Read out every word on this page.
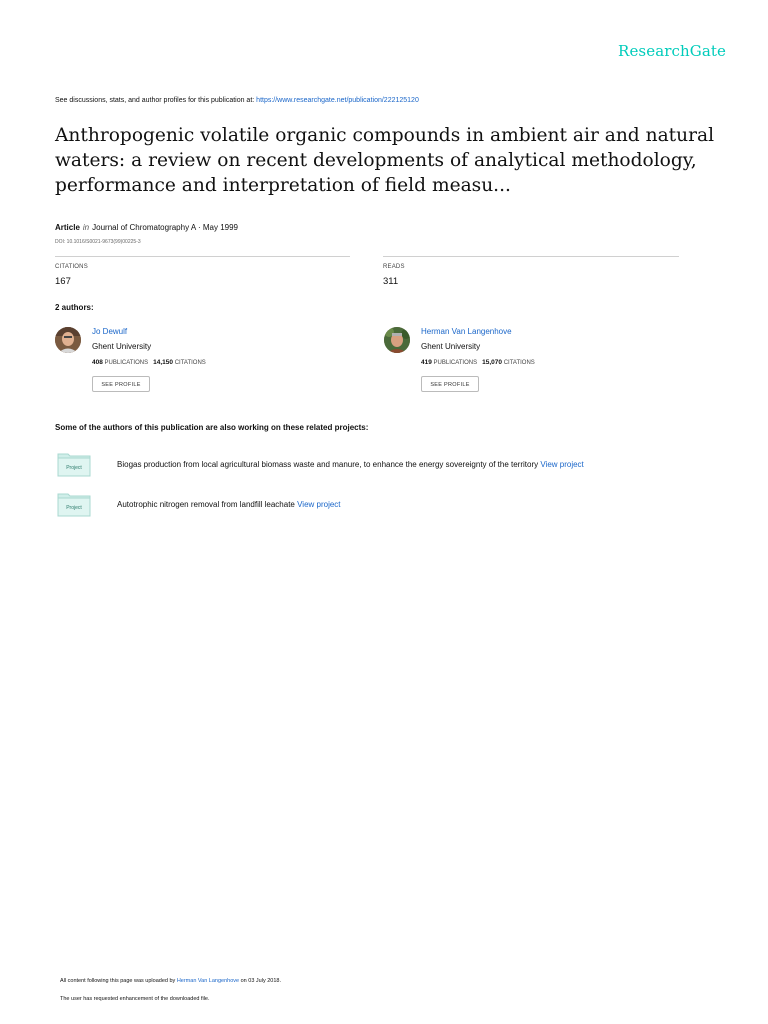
ResearchGate
See discussions, stats, and author profiles for this publication at: https://www.researchgate.net/publication/222125120
Anthropogenic volatile organic compounds in ambient air and natural waters: a review on recent developments of analytical methodology, performance and interpretation of field measu...
Article in Journal of Chromatography A · May 1999
DOI: 10.1016/S0021-9673(99)00225-3
CITATIONS
167
READS
311
2 authors:
Jo Dewulf
Ghent University
408 PUBLICATIONS 14,150 CITATIONS
SEE PROFILE
Herman Van Langenhove
Ghent University
419 PUBLICATIONS 15,070 CITATIONS
SEE PROFILE
Some of the authors of this publication are also working on these related projects:
Project	Biogas production from local agricultural biomass waste and manure, to enhance the energy sovereignty of the territory View project
Project	Autotrophic nitrogen removal from landfill leachate View project
All content following this page was uploaded by Herman Van Langenhove on 03 July 2018.
The user has requested enhancement of the downloaded file.
